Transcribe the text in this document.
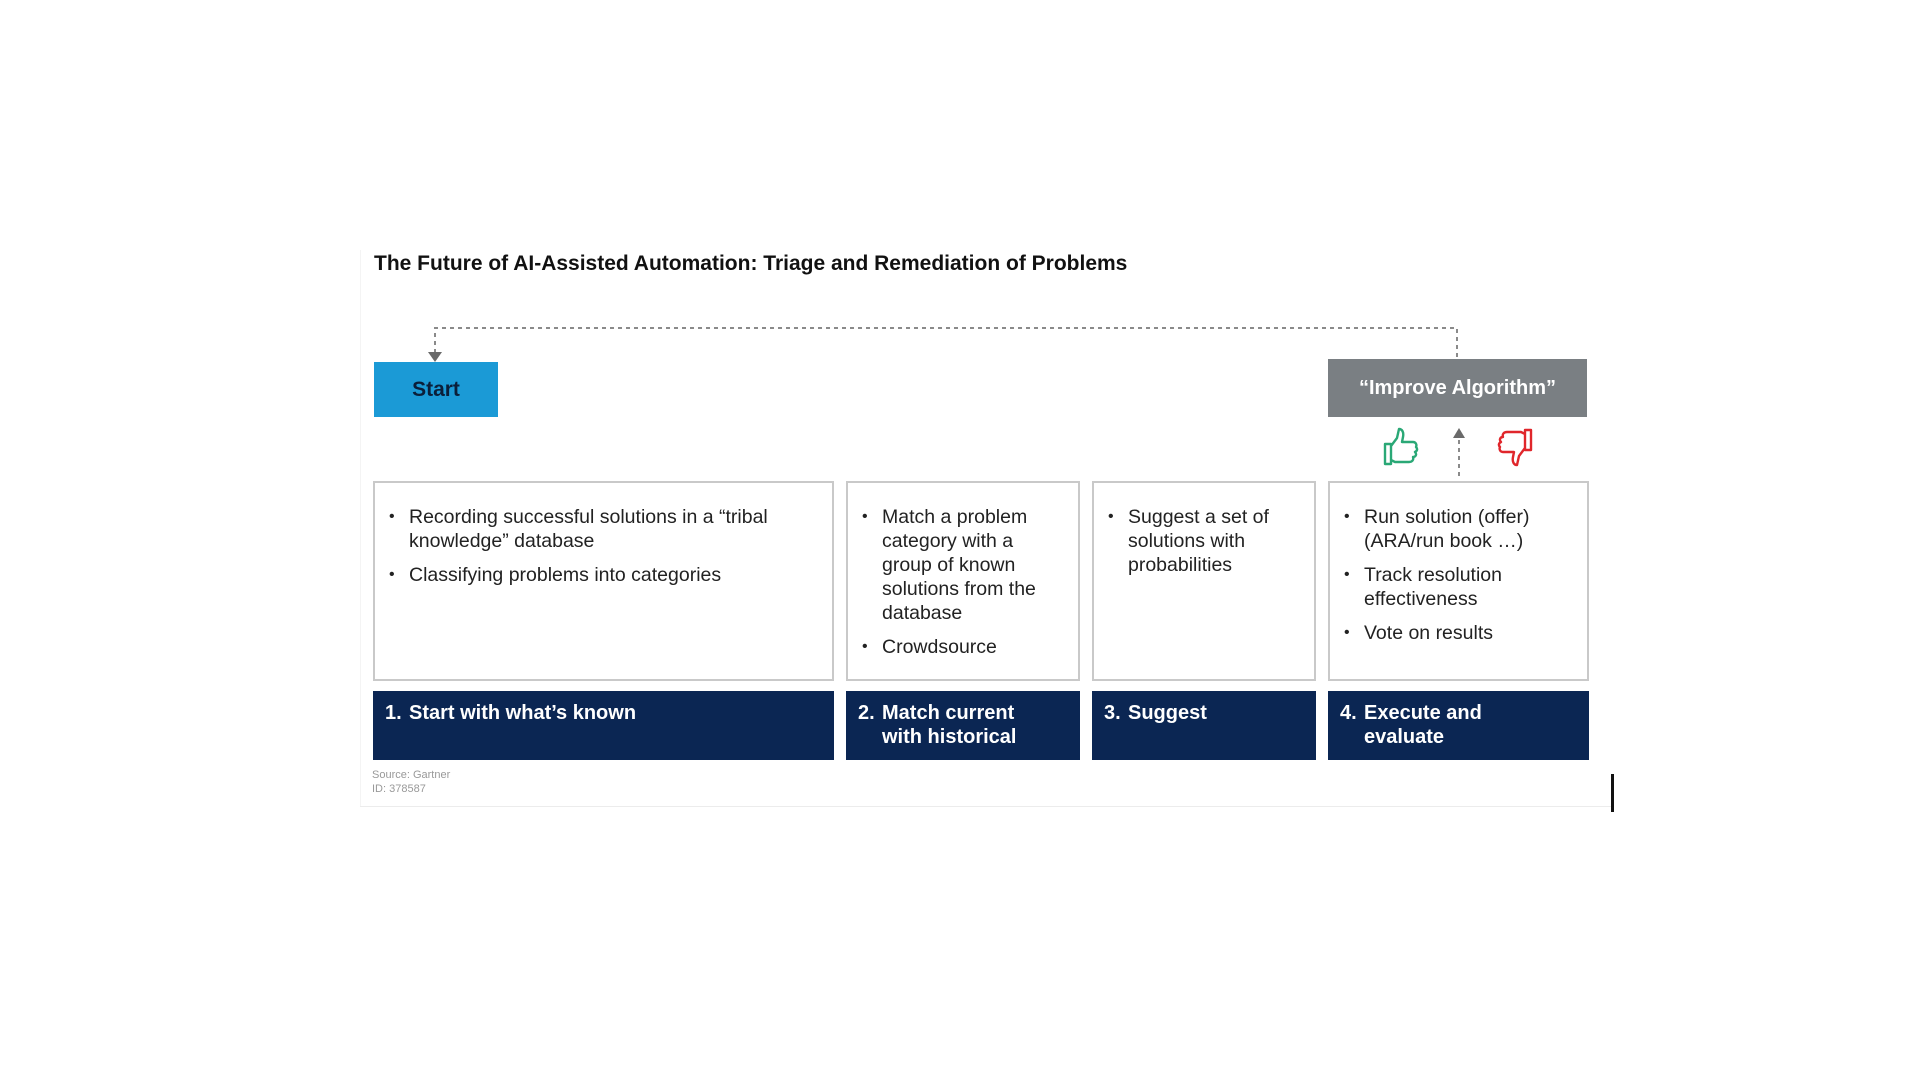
The Future of AI-Assisted Automation: Triage and Remediation of Problems
Start	“Improve Algorithm”
• Recording successful solutions in a “tribal knowledge” database
• Classifying problems into categories
• Match a problem category with a group of known solutions from the database
• Crowdsource
• Suggest a set of solutions with probabilities
• Run solution (offer) (ARA/run book …)
• Track resolution effectiveness
• Vote on results
1. Start with what’s known	2. Match current with historical
3. Suggest	4. Execute and evaluate
Source: Gartner
ID: 378587
